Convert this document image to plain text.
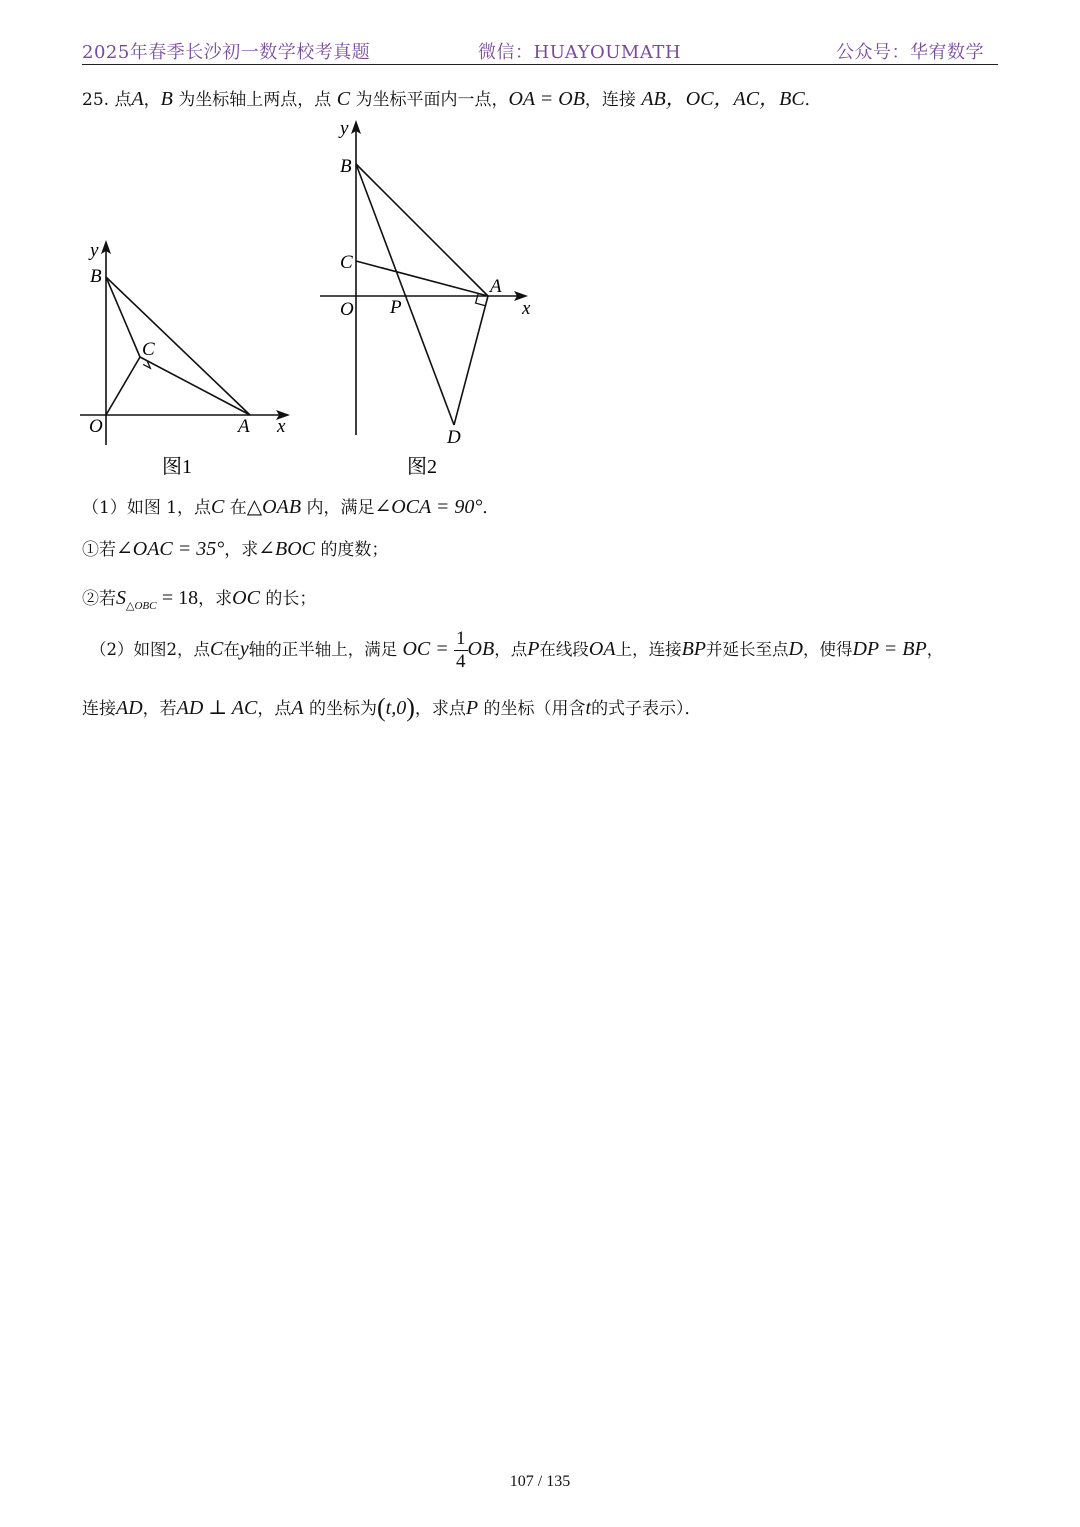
2025年春季长沙初一数学校考真题	微信：HUAYOUMATH	公众号：华宥数学
25. 点A，B 为坐标轴上两点，点 C 为坐标平面内一点，OA = OB，连接 AB，OC，AC，BC．
y
x
B
C
O	A
图1
y
B
C
O P
A
x
D
图2
（1）如图 1，点C 在△OAB 内，满足∠OCA = 90°．
①若∠OAC = 35°，求∠BOC 的度数；
②若$S_{\triangle OBC} = 18$，求OC 的长；
（2）如图2，点C在y轴的正半轴上，满足 OC = $\frac{1}{4}$ OB，点P在线段OA上，连接BP并延长至点D，使得DP = BP，
连接AD，若AD ⊥ AC，点A 的坐标为(t,0)，求点P 的坐标（用含t的式子表示）．
107 / 135
